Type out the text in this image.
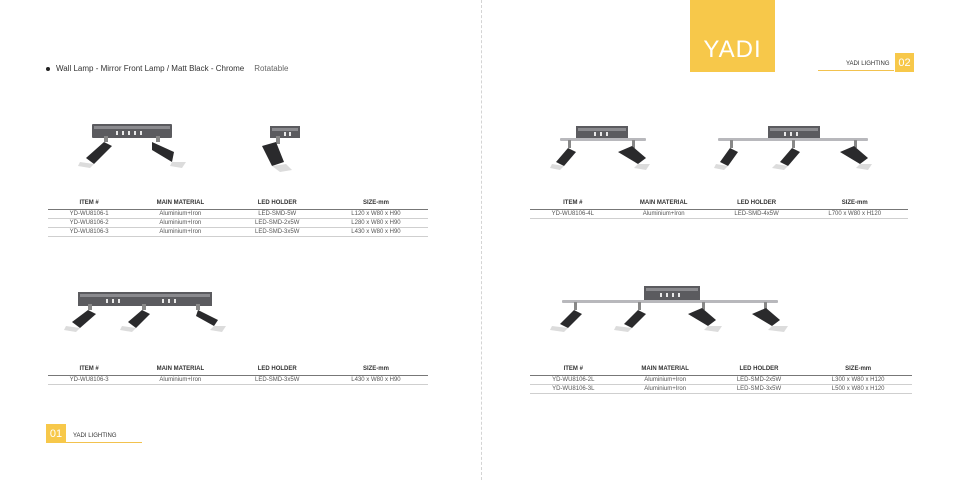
Wall Lamp - Mirror Front Lamp / Matt Black - Chrome Rotatable
ITEM #	MAIN MATERIAL	LED HOLDER	SIZE-mm
YD-WU8106-1	Aluminium+Iron	LED-SMD-5W	L120 x W80 x H90
YD-WU8106-2	Aluminium+Iron	LED-SMD-2x5W	L280 x W80 x H90
YD-WU8106-3	Aluminium+Iron	LED-SMD-3x5W	L430 x W80 x H90
ITEM #	MAIN MATERIAL	LED HOLDER	SIZE-mm
YD-WU8106-3	Aluminium+Iron	LED-SMD-3x5W	L430 x W80 x H90
01	YADI LIGHTING
YADI
YADI LIGHTING 02
ITEM #	MAIN MATERIAL	LED HOLDER	SIZE-mm
YD-WU8106-4L	Aluminium+Iron	LED-SMD-4x5W	L700 x W80 x H120
ITEM #	MAIN MATERIAL	LED HOLDER	SIZE-mm
YD-WU8106-2L	Aluminium+Iron	LED-SMD-2x5W	L300 x W80 x H120
YD-WU8106-3L	Aluminium+Iron	LED-SMD-3x5W	L500 x W80 x H120
